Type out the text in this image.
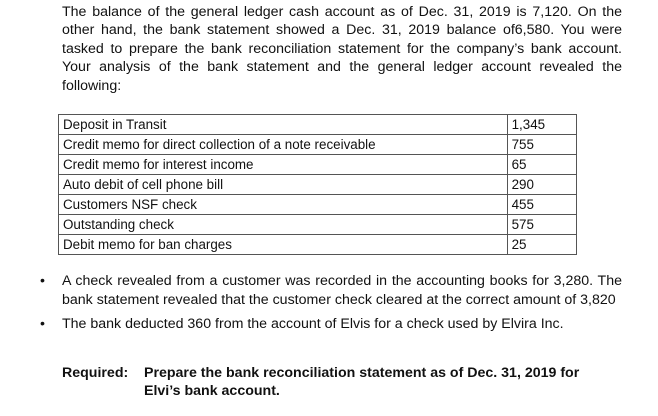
The balance of the general ledger cash account as of Dec. 31, 2019 is 7,120. On the other hand, the bank statement showed a Dec. 31, 2019 balance of6,580. You were tasked to prepare the bank reconciliation statement for the company’s bank account. Your analysis of the bank statement and the general ledger account revealed the following:

Deposit in Transit	1,345
Credit memo for direct collection of a note receivable	755
Credit memo for interest income	65
Auto debit of cell phone bill	290
Customers NSF check	455
Outstanding check	575
Debit memo for ban charges	25
•	A check revealed from a customer was recorded in the accounting books for 3,280. The bank statement revealed that the customer check cleared at the correct amount of 3,820
•	The bank deducted 360 from the account of Elvis for a check used by Elvira Inc.

Required: Prepare the bank reconciliation statement as of Dec. 31, 2019 for
Elvi’s bank account.
